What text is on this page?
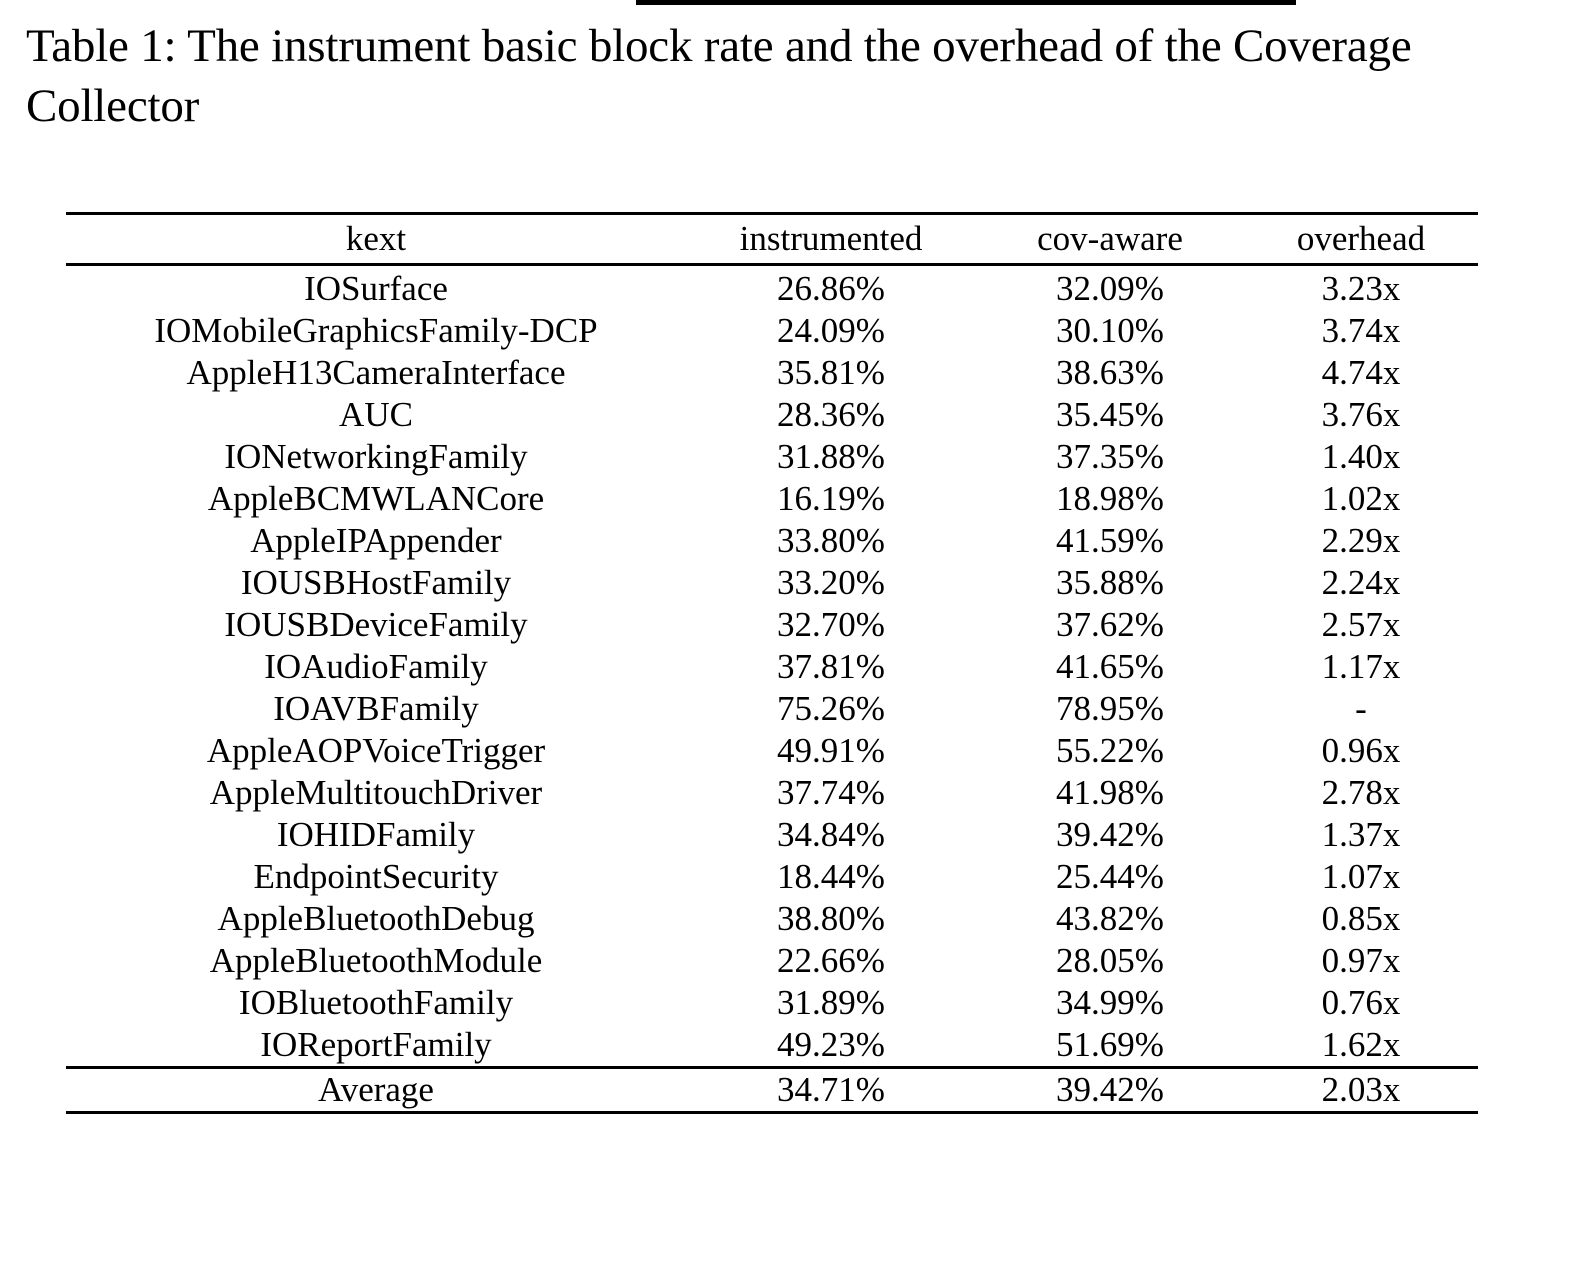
Table 1: The instrument basic block rate and the overhead of the Coverage Collector
kext	instrumented	cov-aware	overhead
IOSurface	26.86%	32.09%	3.23x
IOMobileGraphicsFamily-DCP	24.09%	30.10%	3.74x
AppleH13CameraInterface	35.81%	38.63%	4.74x
AUC	28.36%	35.45%	3.76x
IONetworkingFamily	31.88%	37.35%	1.40x
AppleBCMWLANCore	16.19%	18.98%	1.02x
AppleIPAppender	33.80%	41.59%	2.29x
IOUSBHostFamily	33.20%	35.88%	2.24x
IOUSBDeviceFamily	32.70%	37.62%	2.57x
IOAudioFamily	37.81%	41.65%	1.17x
IOAVBFamily	75.26%	78.95%	-
AppleAOPVoiceTrigger	49.91%	55.22%	0.96x
AppleMultitouchDriver	37.74%	41.98%	2.78x
IOHIDFamily	34.84%	39.42%	1.37x
EndpointSecurity	18.44%	25.44%	1.07x
AppleBluetoothDebug	38.80%	43.82%	0.85x
AppleBluetoothModule	22.66%	28.05%	0.97x
IOBluetoothFamily	31.89%	34.99%	0.76x
IOReportFamily	49.23%	51.69%	1.62x
Average	34.71%	39.42%	2.03x
